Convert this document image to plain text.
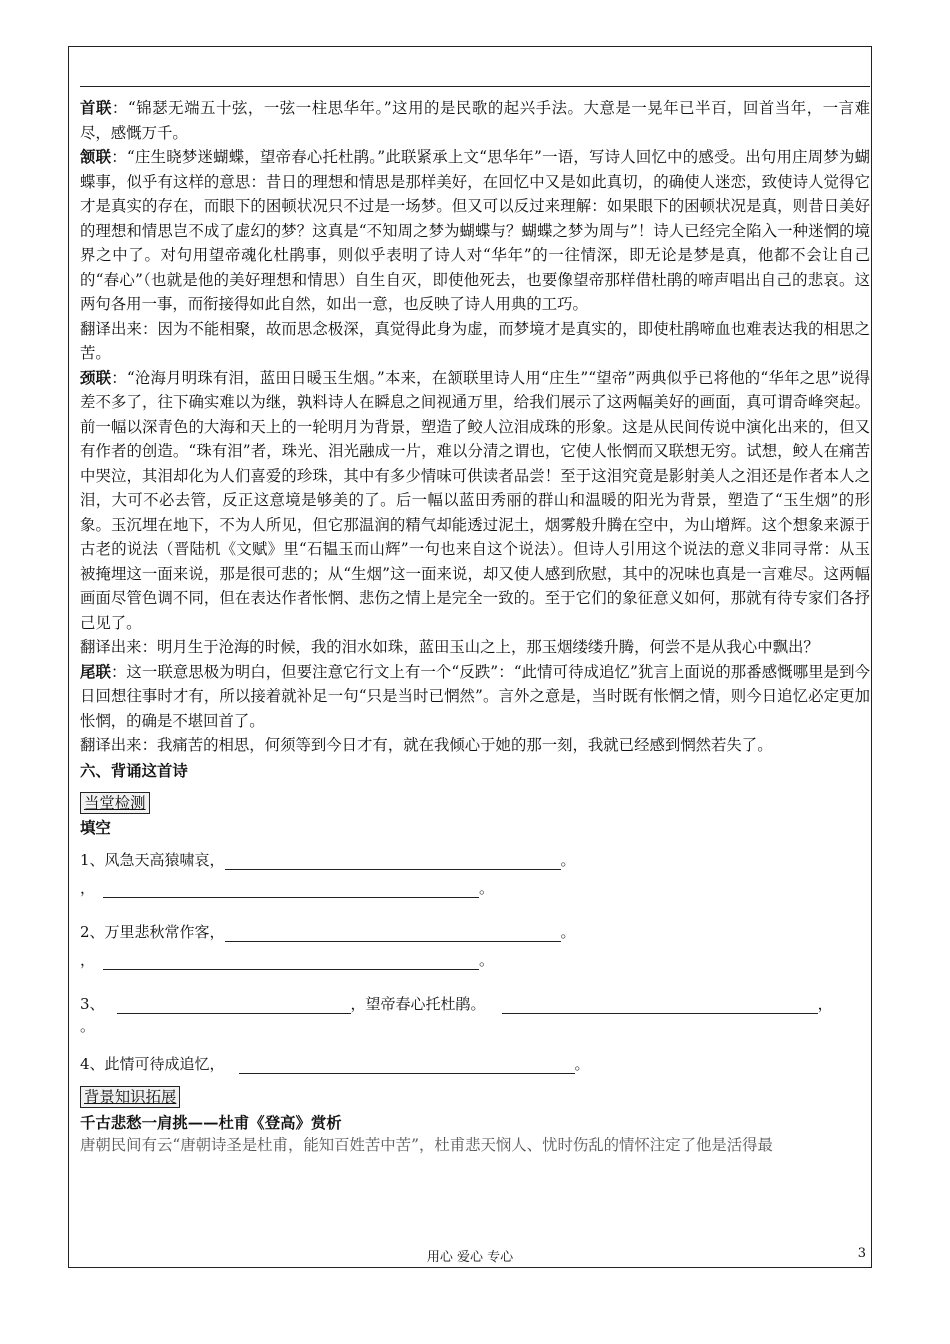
首联：“锦瑟无端五十弦，一弦一柱思华年。”这用的是民歌的起兴手法。大意是一晃年已半百，回首当年，一言难尽，感慨万千。

颔联：“庄生晓梦迷蝴蝶，望帝春心托杜鹃。”此联紧承上文“思华年”一语，写诗人回忆中的感受。出句用庄周梦为蝴蝶事，似乎有这样的意思：昔日的理想和情思是那样美好，在回忆中又是如此真切，的确使人迷恋，致使诗人觉得它才是真实的存在，而眼下的困顿状况只不过是一场梦。但又可以反过来理解：如果眼下的困顿状况是真，则昔日美好的理想和情思岂不成了虚幻的梦？这真是“不知周之梦为蝴蝶与？蝴蝶之梦为周与”！诗人已经完全陷入一种迷惘的境界之中了。对句用望帝魂化杜鹃事，则似乎表明了诗人对“华年”的一往情深，即无论是梦是真，他都不会让自己的“春心”（也就是他的美好理想和情思）自生自灭，即使他死去，也要像望帝那样借杜鹃的啼声唱出自己的悲哀。这两句各用一事，而衔接得如此自然，如出一意，也反映了诗人用典的工巧。

翻译出来：因为不能相聚，故而思念极深，真觉得此身为虚，而梦境才是真实的，即使杜鹃啼血也难表达我的相思之苦。

颈联：“沧海月明珠有泪，蓝田日暖玉生烟。”本来，在颔联里诗人用“庄生”“望帝”两典似乎已将他的“华年之思”说得差不多了，往下确实难以为继，孰料诗人在瞬息之间视通万里，给我们展示了这两幅美好的画面，真可谓奇峰突起。前一幅以深青色的大海和天上的一轮明月为背景，塑造了鲛人泣泪成珠的形象。这是从民间传说中演化出来的，但又有作者的创造。“珠有泪”者，珠光、泪光融成一片，难以分清之谓也，它使人怅惘而又联想无穷。试想，鲛人在痛苦中哭泣，其泪却化为人们喜爱的珍珠，其中有多少情味可供读者品尝！至于这泪究竟是影射美人之泪还是作者本人之泪，大可不必去管，反正这意境是够美的了。后一幅以蓝田秀丽的群山和温暖的阳光为背景，塑造了“玉生烟”的形象。玉沉埋在地下，不为人所见，但它那温润的精气却能透过泥土，烟雾般升腾在空中，为山增辉。这个想象来源于古老的说法（晋陆机《文赋》里“石韫玉而山辉”一句也来自这个说法）。但诗人引用这个说法的意义非同寻常：从玉被掩埋这一面来说，那是很可悲的；从“生烟”这一面来说，却又使人感到欣慰，其中的况味也真是一言难尽。这两幅画面尽管色调不同，但在表达作者怅惘、悲伤之情上是完全一致的。至于它们的象征意义如何，那就有待专家们各抒己见了。

翻译出来：明月生于沧海的时候，我的泪水如珠，蓝田玉山之上，那玉烟缕缕升腾，何尝不是从我心中飘出？

尾联：这一联意思极为明白，但要注意它行文上有一个“反跌”：“此情可待成追忆”犹言上面说的那番感慨哪里是到今日回想往事时才有，所以接着就补足一句“只是当时已惘然”。言外之意是，当时既有怅惘之情，则今日追忆必定更加怅惘，的确是不堪回首了。

翻译出来：我痛苦的相思，何须等到今日才有，就在我倾心于她的那一刻，我就已经感到惘然若失了。

六、背诵这首诗

当堂检测

填空

1、风急天高猿啸哀，	。

，	。

2、万里悲秋常作客，	。

，	。

3、	，望帝春心托杜鹃。	，

。

4、此情可待成追忆，	。

背景知识拓展

千古悲愁一肩挑——杜甫《登高》赏析

唐朝民间有云“唐朝诗圣是杜甫，能知百姓苦中苦”，杜甫悲天悯人、忧时伤乱的情怀注定了他是活得最

用心 爱心 专心	3
